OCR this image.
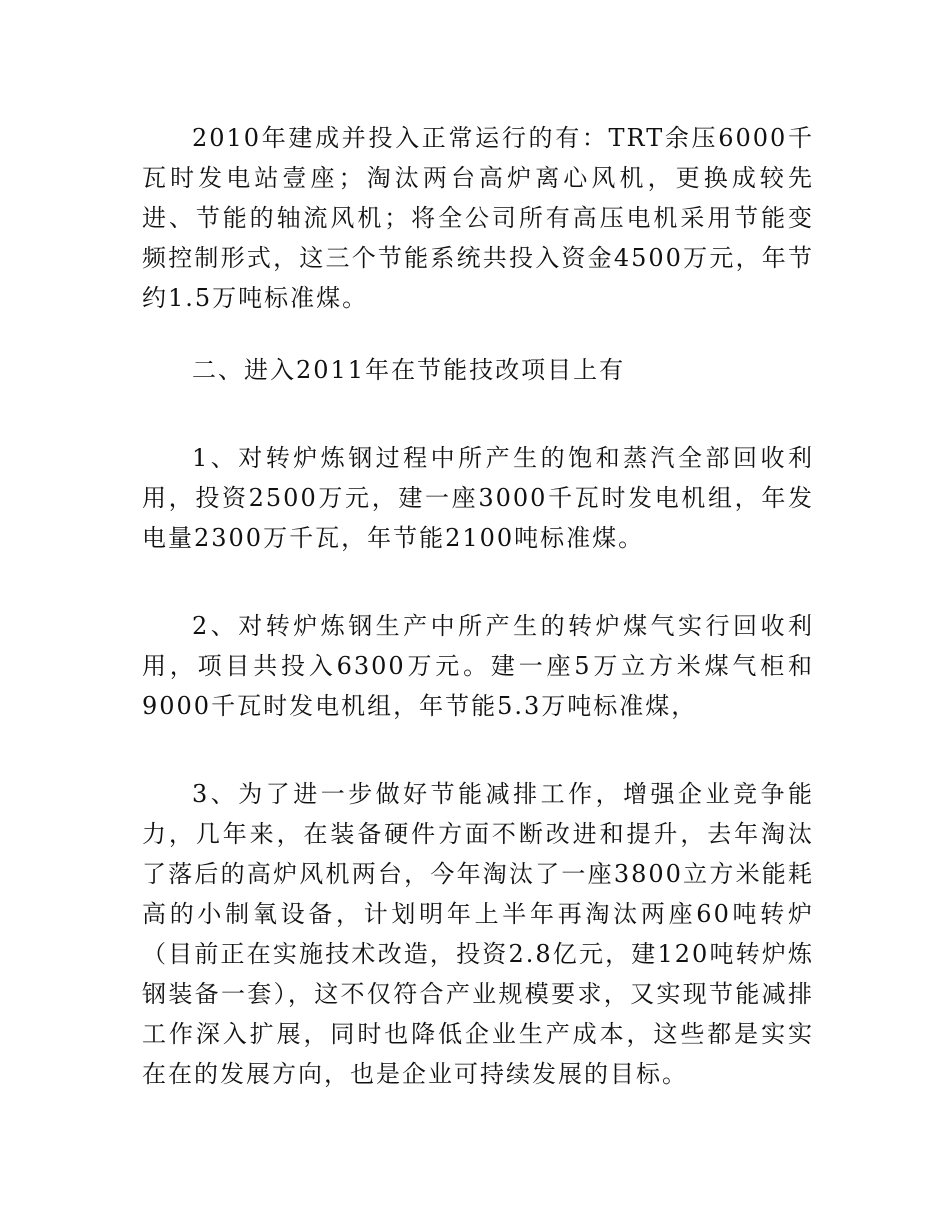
2010年建成并投入正常运行的有：TRT余压6000千瓦时发电站壹座；淘汰两台高炉离心风机，更换成较先进、节能的轴流风机；将全公司所有高压电机采用节能变频控制形式，这三个节能系统共投入资金4500万元，年节约1.5万吨标准煤。

二、进入2011年在节能技改项目上有

1、对转炉炼钢过程中所产生的饱和蒸汽全部回收利用，投资2500万元，建一座3000千瓦时发电机组，年发电量2300万千瓦，年节能2100吨标准煤。

2、对转炉炼钢生产中所产生的转炉煤气实行回收利用，项目共投入6300万元。建一座5万立方米煤气柜和9000千瓦时发电机组，年节能5.3万吨标准煤，

3、为了进一步做好节能减排工作，增强企业竞争能力，几年来，在装备硬件方面不断改进和提升，去年淘汰了落后的高炉风机两台，今年淘汰了一座3800立方米能耗高的小制氧设备，计划明年上半年再淘汰两座60吨转炉（目前正在实施技术改造，投资2.8亿元，建120吨转炉炼钢装备一套），这不仅符合产业规模要求，又实现节能减排工作深入扩展，同时也降低企业生产成本，这些都是实实在在的发展方向，也是企业可持续发展的目标。
